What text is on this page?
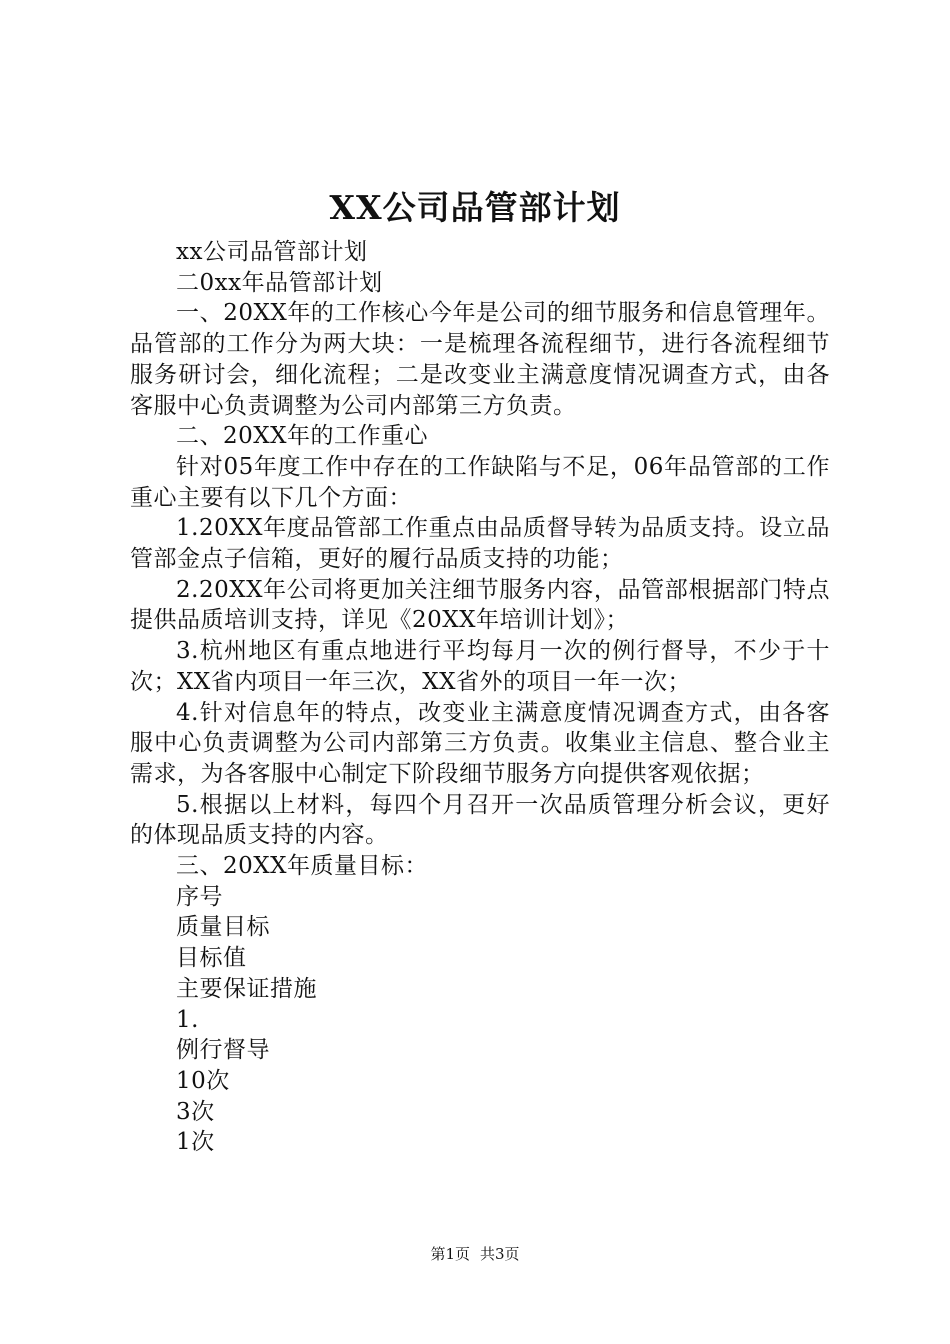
XX公司品管部计划

xx公司品管部计划

二0xx年品管部计划

一、20XX年的工作核心今年是公司的细节服务和信息管理年。品管部的工作分为两大块：一是梳理各流程细节，进行各流程细节服务研讨会，细化流程；二是改变业主满意度情况调查方式，由各客服中心负责调整为公司内部第三方负责。

二、20XX年的工作重心

针对05年度工作中存在的工作缺陷与不足，06年品管部的工作重心主要有以下几个方面：

1.20XX年度品管部工作重点由品质督导转为品质支持。设立品管部金点子信箱，更好的履行品质支持的功能；

2.20XX年公司将更加关注细节服务内容，品管部根据部门特点提供品质培训支持，详见《20XX年培训计划》；

3.杭州地区有重点地进行平均每月一次的例行督导，不少于十次；XX省内项目一年三次，XX省外的项目一年一次；

4.针对信息年的特点，改变业主满意度情况调查方式，由各客服中心负责调整为公司内部第三方负责。收集业主信息、整合业主需求，为各客服中心制定下阶段细节服务方向提供客观依据；

5.根据以上材料，每四个月召开一次品质管理分析会议，更好的体现品质支持的内容。

三、20XX年质量目标：

序号

质量目标

目标值

主要保证措施

1.

例行督导

10次

3次

1次

第1页 共3页
